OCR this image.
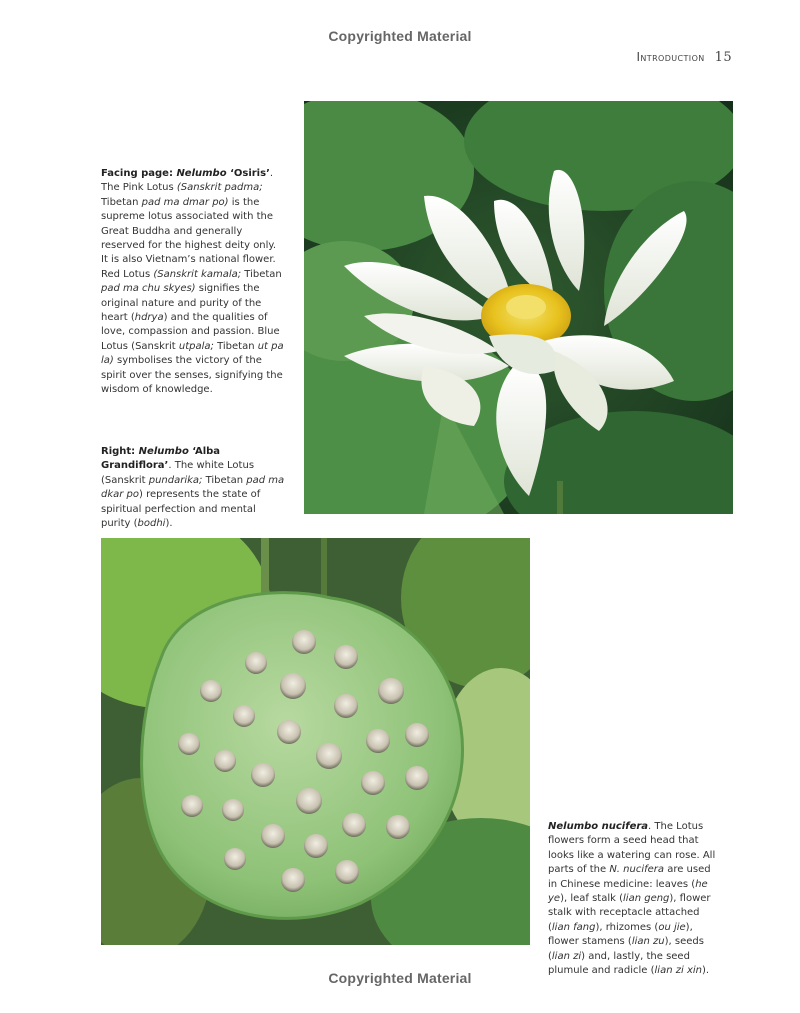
Copyrighted Material
Introduction 15
Facing page: Nelumbo ‘Osiris’. The Pink Lotus (Sanskrit padma; Tibetan pad ma dmar po) is the supreme lotus associated with the Great Buddha and generally reserved for the highest deity only. It is also Vietnam’s national flower. Red Lotus (Sanskrit kamala; Tibetan pad ma chu skyes) signifies the original nature and purity of the heart (hdrya) and the qualities of love, compassion and passion. Blue Lotus (Sanskrit utpala; Tibetan ut pa la) symbolises the victory of the spirit over the senses, signifying the wisdom of knowledge.
Right: Nelumbo ‘Alba Grandiflora’. The white Lotus (Sanskrit pundarika; Tibetan pad ma dkar po) represents the state of spiritual perfection and mental purity (bodhi).
Nelumbo nucifera. The Lotus flowers form a seed head that looks like a watering can rose. All parts of the N. nucifera are used in Chinese medicine: leaves (he ye), leaf stalk (lian geng), flower stalk with receptacle attached (lian fang), rhizomes (ou jie), flower stamens (lian zu), seeds (lian zi) and, lastly, the seed plumule and radicle (lian zi xin).
Copyrighted Material
